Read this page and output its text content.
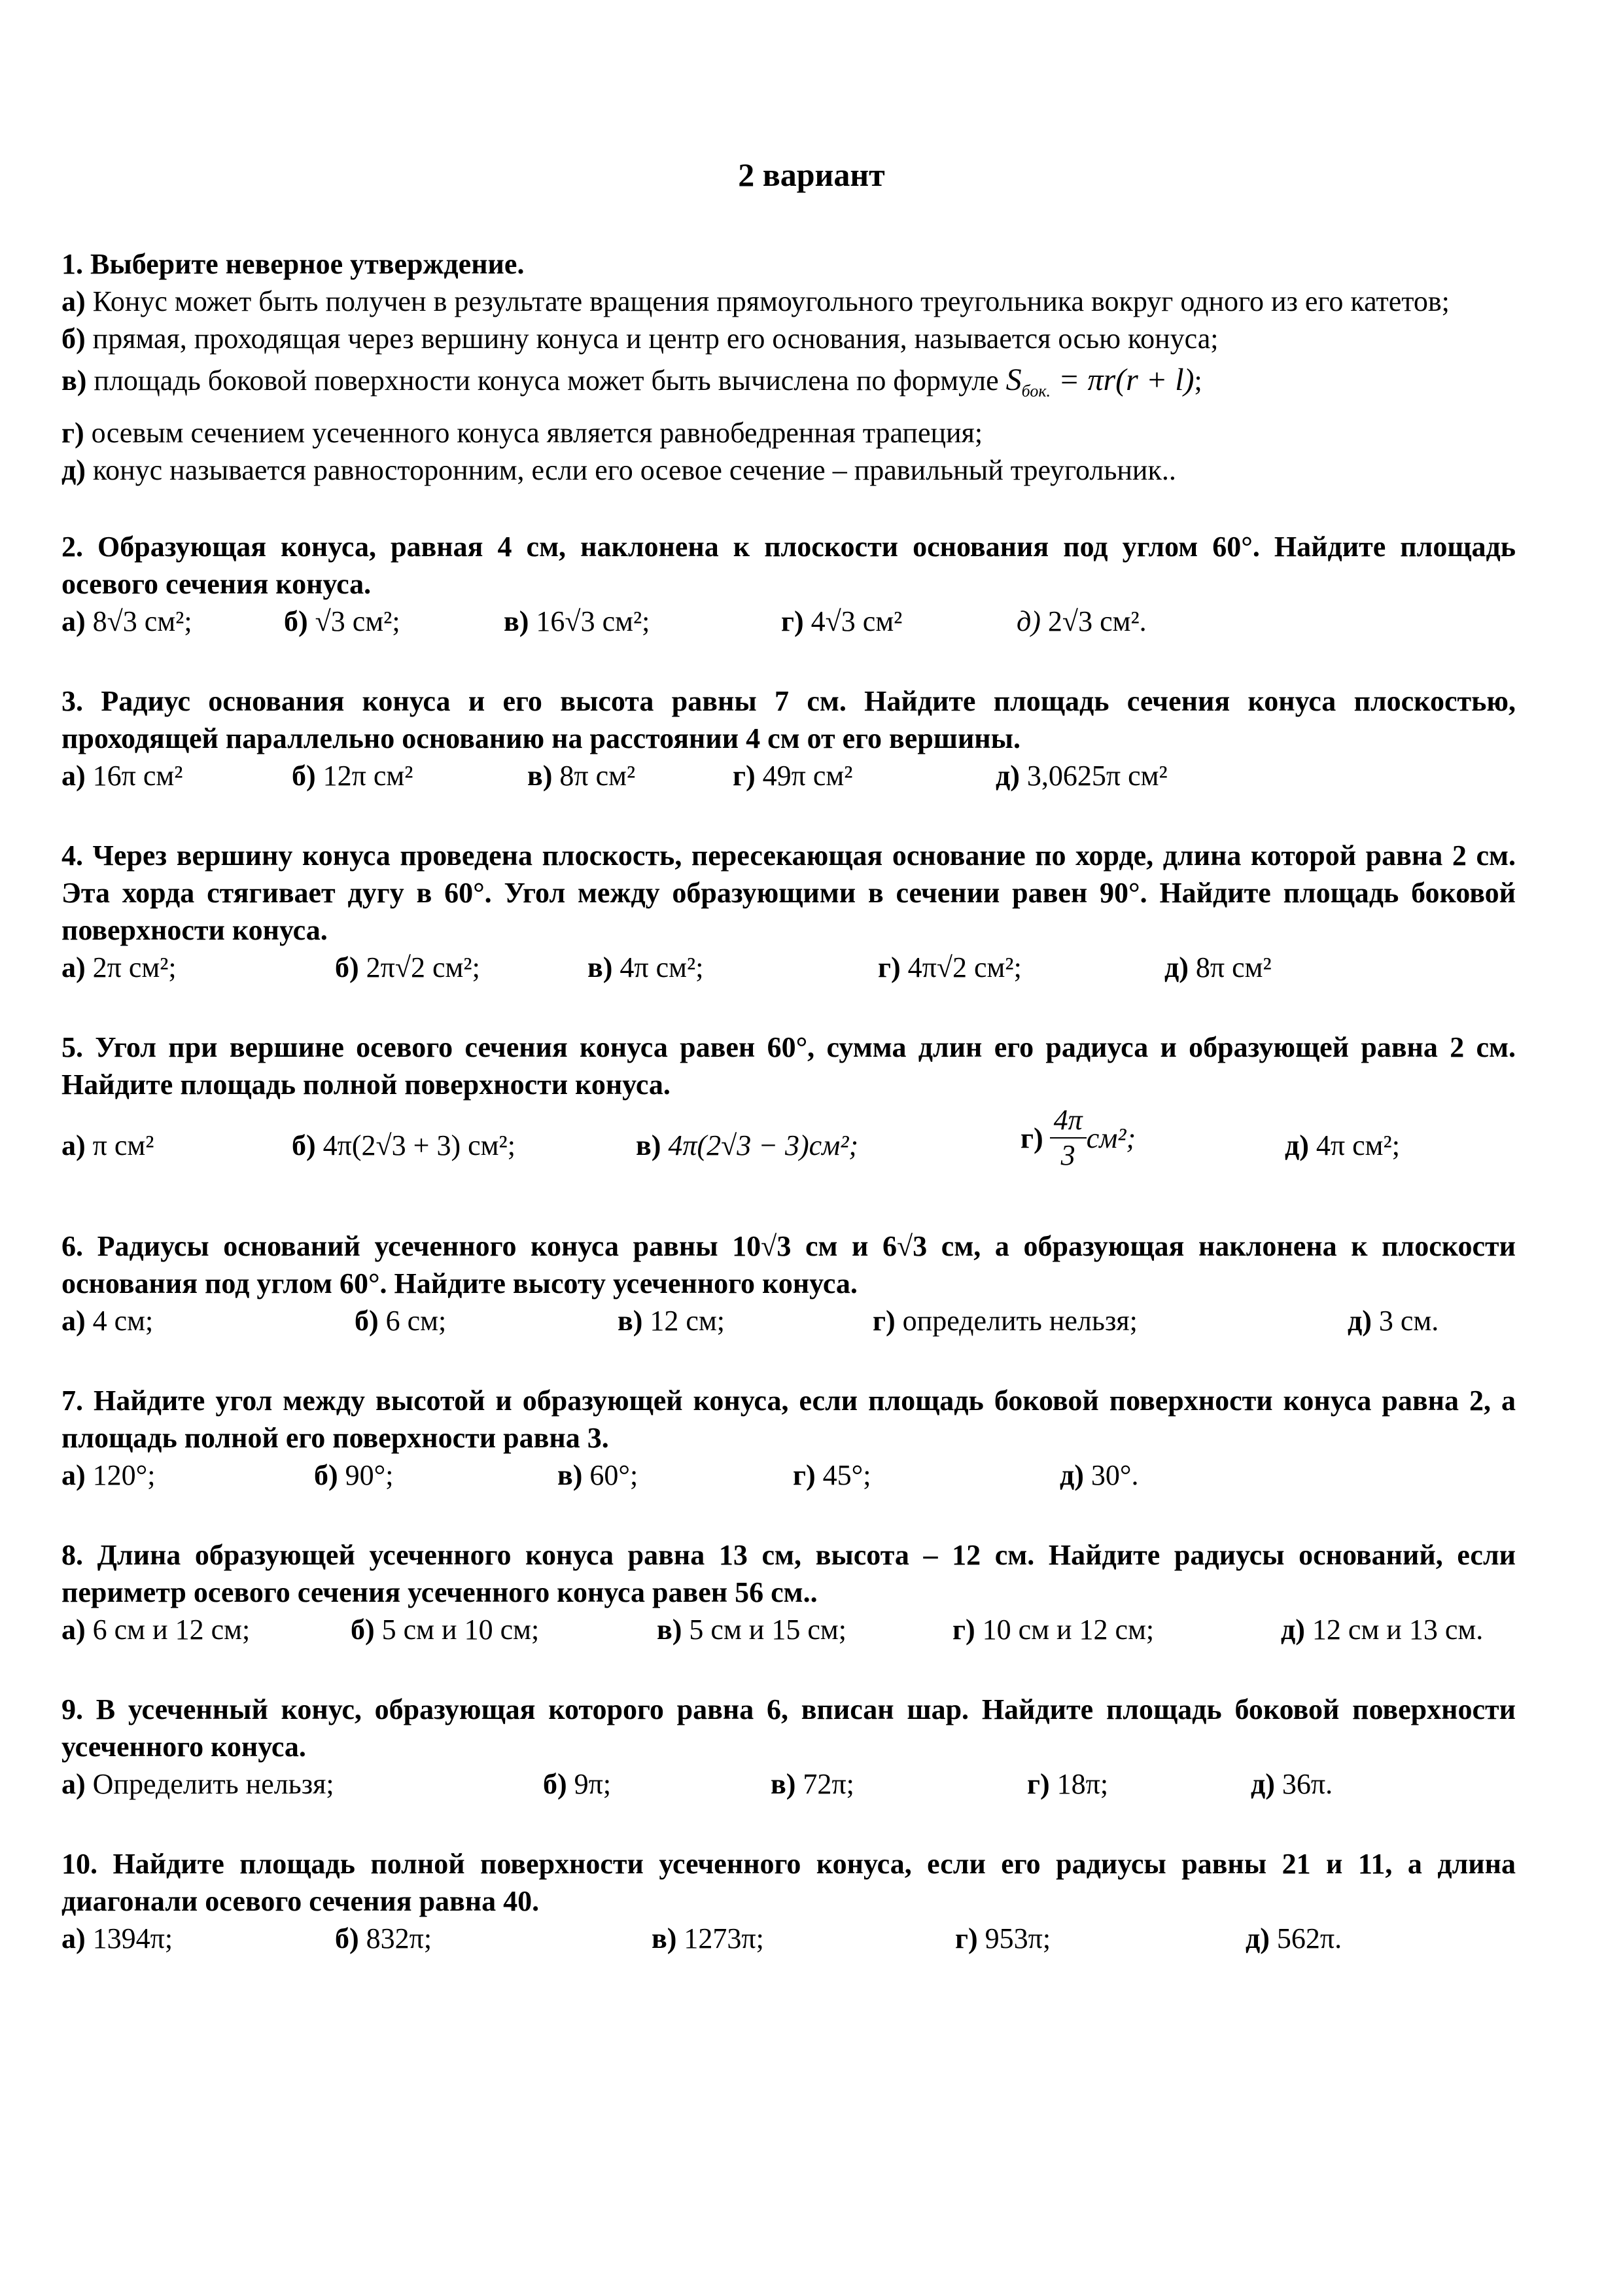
2 вариант
1. Выберите неверное утверждение.
а) Конус может быть получен в результате вращения прямоугольного треугольника вокруг одного из его катетов;
б) прямая, проходящая через вершину конуса и центр его основания, называется осью конуса;
в) площадь боковой поверхности конуса может быть вычислена по формуле $S_{бок.} = \pi r(r + l)$;
г) осевым сечением усеченного конуса является равнобедренная трапеция;
д) конус называется равносторонним, если его осевое сечение – правильный треугольник..
2. Образующая конуса, равная 4 см, наклонена к плоскости основания под углом 60°. Найдите площадь осевого сечения конуса.
а) 8√3 см²;	б) √3 см²;	в) 16√3 см²;	г) 4√3 см²	д) 2√3 см².
3. Радиус основания конуса и его высота равны 7 см. Найдите площадь сечения конуса плоскостью, проходящей параллельно основанию на расстоянии 4 см от его вершины.
а) 16π см²	б) 12π см²	в) 8π см²	г) 49π см²	д) 3,0625π см²
4. Через вершину конуса проведена плоскость, пересекающая основание по хорде, длина которой равна 2 см. Эта хорда стягивает дугу в 60°. Угол между образующими в сечении равен 90°. Найдите площадь боковой поверхности конуса.
а) 2π см²;	б) 2π√2 см²;	в) 4π см²;	г) 4π√2 см²;	д) 8π см²
5. Угол при вершине осевого сечения конуса равен 60°, сумма длин его радиуса и образующей равна 2 см. Найдите площадь полной поверхности конуса.
а) π см²	б) 4π(2√3 + 3) см²;	в) 4π(2√3 − 3)см²;	$г) \frac{4\pi}{3} см^2$;	д) 4π см²;
6. Радиусы оснований усеченного конуса равны 10√3 см и 6√3 см, а образующая наклонена к плоскости основания под углом 60°. Найдите высоту усеченного конуса.
а) 4 см;	б) 6 см;	в) 12 см;	г) определить нельзя;	д) 3 см.
7. Найдите угол между высотой и образующей конуса, если площадь боковой поверхности конуса равна 2, а площадь полной его поверхности равна 3.
а) 120°;	б) 90°;	в) 60°;	г) 45°;	д) 30°.
8. Длина образующей усеченного конуса равна 13 см, высота – 12 см. Найдите радиусы оснований, если периметр осевого сечения усеченного конуса равен 56 см..
а) 6 см и 12 см;	б) 5 см и 10 см;	в) 5 см и 15 см;	г) 10 см и 12 см;	д) 12 см и 13 см.
9. В усеченный конус, образующая которого равна 6, вписан шар. Найдите площадь боковой поверхности усеченного конуса.
а) Определить нельзя;	б) 9π;	в) 72π;	г) 18π;	д) 36π.
10. Найдите площадь полной поверхности усеченного конуса, если его радиусы равны 21 и 11, а длина диагонали осевого сечения равна 40.
а) 1394π;	б) 832π;	в) 1273π;	г) 953π;	д) 562π.
